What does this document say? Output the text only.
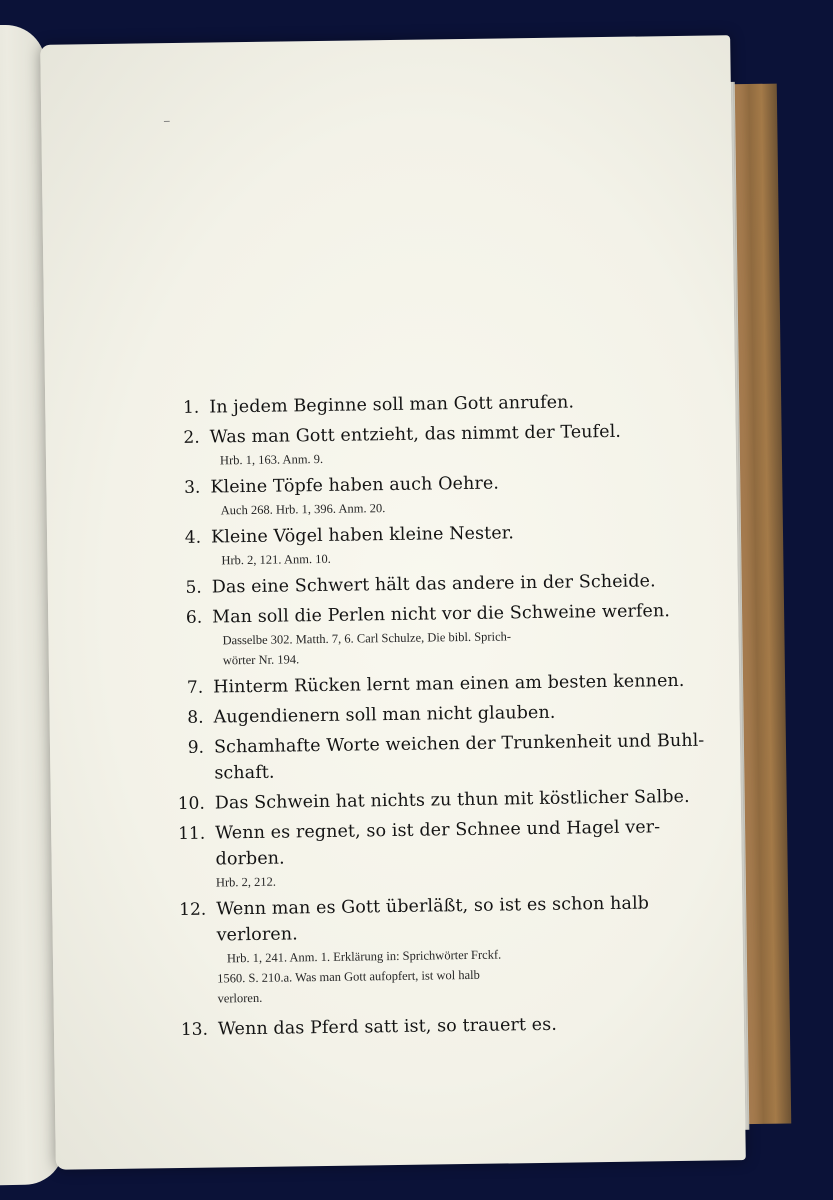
–
1. In jedem Beginne soll man Gott anrufen.
2. Was man Gott entzieht, das nimmt der Teufel.
Hrb. 1, 163. Anm. 9.
3. Kleine Töpfe haben auch Oehre.
Auch 268. Hrb. 1, 396. Anm. 20.
4. Kleine Vögel haben kleine Nester.
Hrb. 2, 121. Anm. 10.
5. Das eine Schwert hält das andere in der Scheide.
6. Man soll die Perlen nicht vor die Schweine werfen.
Dasselbe 302. Matth. 7, 6. Carl Schulze, Die bibl. Sprich-
wörter Nr. 194.
7. Hinterm Rücken lernt man einen am besten kennen.
8. Augendienern soll man nicht glauben.
9. Schamhafte Worte weichen der Trunkenheit und Buhl-
schaft.
10. Das Schwein hat nichts zu thun mit köstlicher Salbe.
11. Wenn es regnet, so ist der Schnee und Hagel ver-
dorben.
Hrb. 2, 212.
12. Wenn man es Gott überläßt, so ist es schon halb
verloren.
Hrb. 1, 241. Anm. 1. Erklärung in: Sprichwörter Frckf.
1560. S. 210.a. Was man Gott aufopfert, ist wol halb
verloren.
13. Wenn das Pferd satt ist, so trauert es.
